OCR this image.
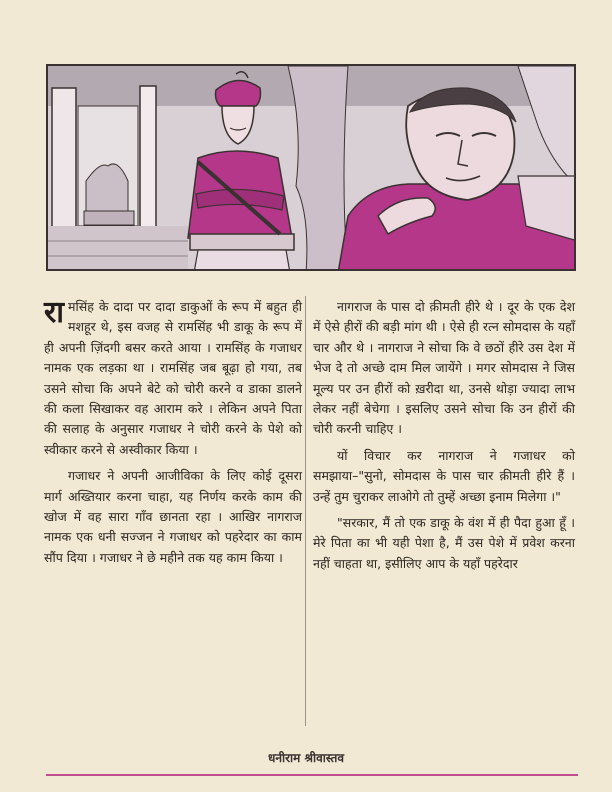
रामसिंह के दादा पर दादा डाकुओं के रूप में बहुत ही मशहूर थे, इस वजह से रामसिंह भी डाकू के रूप में ही अपनी ज़िंदगी बसर करते आया । रामसिंह के गजाधर नामक एक लड़का था । रामसिंह जब बूढ़ा हो गया, तब उसने सोचा कि अपने बेटे को चोरी करने व डाका डालने की कला सिखाकर वह आराम करे । लेकिन अपने पिता की सलाह के अनुसार गजाधर ने चोरी करने के पेशे को स्वीकार करने से अस्वीकार किया ।

गजाधर ने अपनी आजीविका के लिए कोई दूसरा मार्ग अख्तियार करना चाहा, यह निर्णय करके काम की खोज में वह सारा गाँव छानता रहा । आखिर नागराज नामक एक धनी सज्जन ने गजाधर को पहरेदार का काम सौंप दिया । गजाधर ने छे महीने तक यह काम किया ।

नागराज के पास दो क़ीमती हीरे थे । दूर के एक देश में ऐसे हीरों की बड़ी मांग थी । ऐसे ही रत्न सोमदास के यहाँ चार और थे । नागराज ने सोचा कि वे छठों हीरे उस देश में भेज दे तो अच्छे दाम मिल जायेंगे । मगर सोमदास ने जिस मूल्य पर उन हीरों को ख़रीदा था, उनसे थोड़ा ज्यादा लाभ लेकर नहीं बेचेगा । इसलिए उसने सोचा कि उन हीरों की चोरी करनी चाहिए ।

यों विचार कर नागराज ने गजाधर को समझाया–"सुनो, सोमदास के पास चार क़ीमती हीरे हैं । उन्हें तुम चुराकर लाओगे तो तुम्हें अच्छा इनाम मिलेगा ।"

"सरकार, मैं तो एक डाकू के वंश में ही पैदा हुआ हूँ । मेरे पिता का भी यही पेशा है, मैं उस पेशे में प्रवेश करना नहीं चाहता था, इसीलिए आप के यहाँ पहरेदार

धनीराम श्रीवास्तव
